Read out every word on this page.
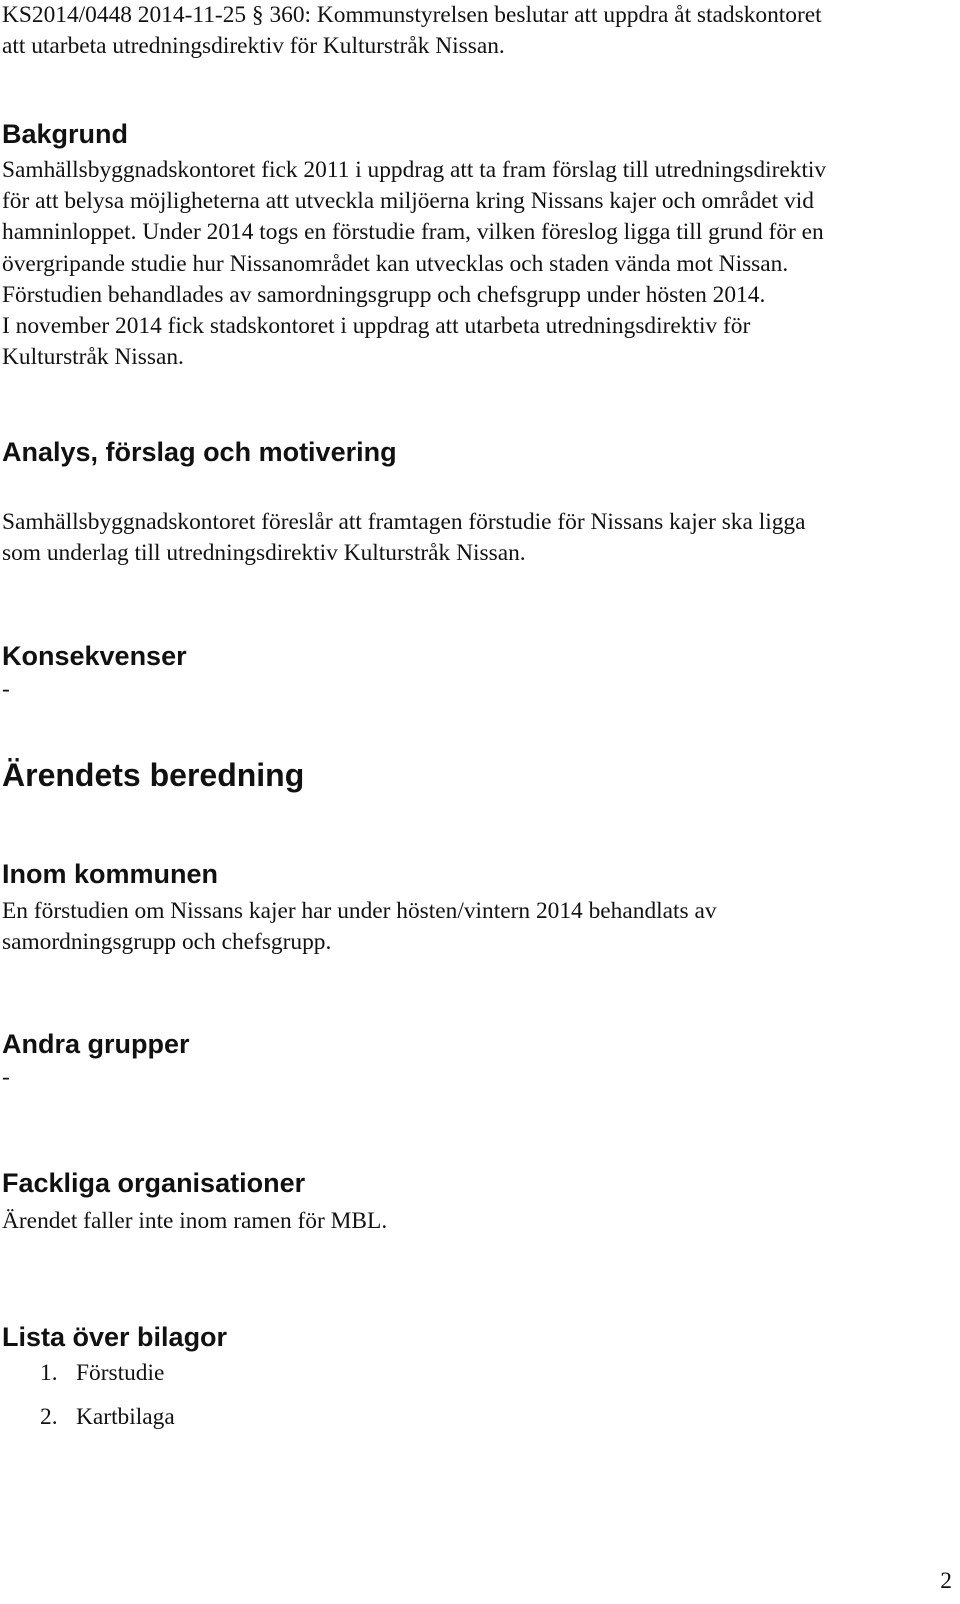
KS2014/0448 2014-11-25 § 360: Kommunstyrelsen beslutar att uppdra åt stadskontoret

att utarbeta utredningsdirektiv för Kulturstråk Nissan.

Bakgrund

Samhällsbyggnadskontoret fick 2011 i uppdrag att ta fram förslag till utredningsdirektiv

för att belysa möjligheterna att utveckla miljöerna kring Nissans kajer och området vid

hamninloppet. Under 2014 togs en förstudie fram, vilken föreslog ligga till grund för en

övergripande studie hur Nissanområdet kan utvecklas och staden vända mot Nissan.

Förstudien behandlades av samordningsgrupp och chefsgrupp under hösten 2014.

I november 2014 fick stadskontoret i uppdrag att utarbeta utredningsdirektiv för

Kulturstråk Nissan.

Analys, förslag och motivering

Samhällsbyggnadskontoret föreslår att framtagen förstudie för Nissans kajer ska ligga

som underlag till utredningsdirektiv Kulturstråk Nissan.

Konsekvenser

-

Ärendets beredning
Inom kommunen

En förstudien om Nissans kajer har under hösten/vintern 2014 behandlats av

samordningsgrupp och chefsgrupp.

Andra grupper

-

Fackliga organisationer

Ärendet faller inte inom ramen för MBL.

Lista över bilagor
1. Förstudie
2. Kartbilaga
2
